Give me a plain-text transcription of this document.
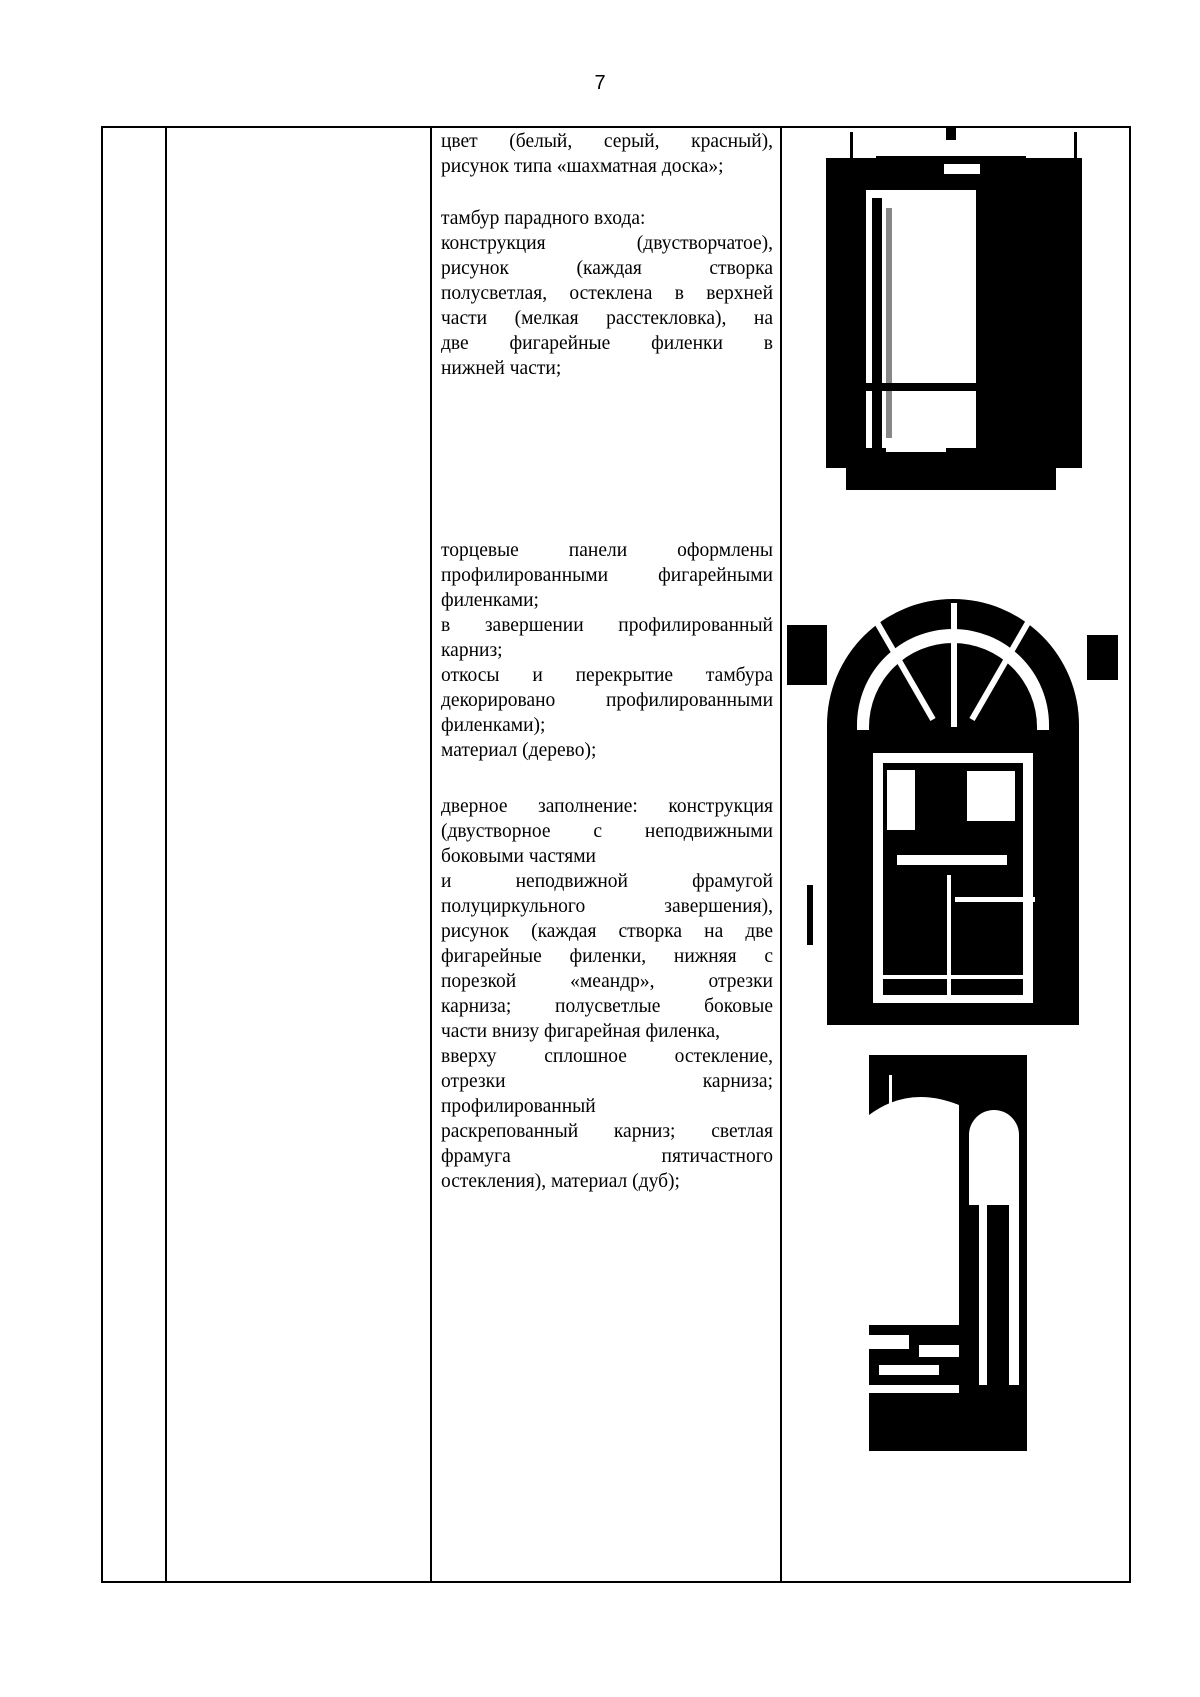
7

цвет (белый, серый, красный),

рисунок типа «шахматная доска»;

тамбур парадного входа:

конструкция (двустворчатое),

рисунок (каждая створка

полусветлая, остеклена в верхней

части (мелкая расстекловка), на

две фигарейные филенки в

нижней части;

торцевые панели оформлены

профилированными фигарейными

филенками;

в завершении профилированный

карниз;

откосы и перекрытие тамбура

декорировано профилированными

филенками);

материал (дерево);

дверное заполнение: конструкция

(двустворное с неподвижными

боковыми частями

и неподвижной фрамугой

полуциркульного завершения),

рисунок (каждая створка на две

фигарейные филенки, нижняя с

порезкой «меандр», отрезки

карниза; полусветлые боковые

части внизу фигарейная филенка,

вверху сплошное остекление,

отрезки карниза;

профилированный

раскрепованный карниз; светлая

фрамуга пятичастного

остекления), материал (дуб);
